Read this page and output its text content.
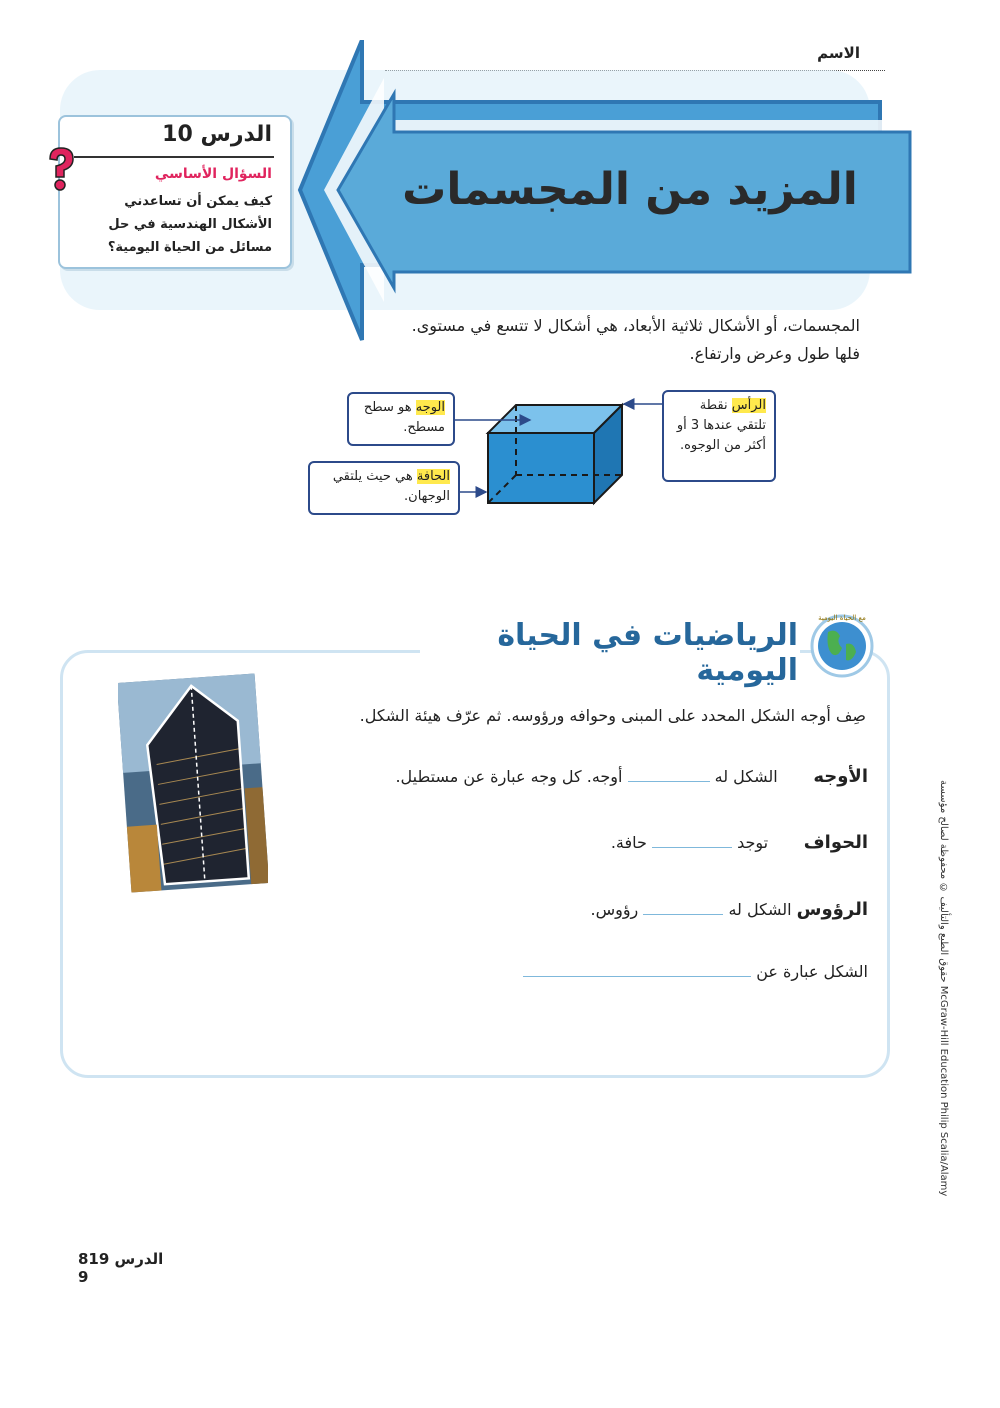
الاسم
المزيد من المجسمات
الدرس 10
السؤال الأساسي
كيف يمكن أن تساعدني الأشكال الهندسية في حل مسائل من الحياة اليومية؟
المجسمات، أو الأشكال ثلاثية الأبعاد، هي أشكال لا تتسع في مستوى. فلها طول وعرض وارتفاع.
الوجه هو سطح مسطح.
الحافة هي حيث يلتقي الوجهان.
الرأس نقطة تلتقي عندها 3 أو أكثر من الوجوه.
الرياضيات في الحياة اليومية
مع الحياة اليومية
صِف أوجه الشكل المحدد على المبنى وحوافه ورؤوسه. ثم عرّف هيئة الشكل.
الأوجه       الشكل له  أوجه. كل وجه عبارة عن مستطيل.
الحواف       توجد  حافة.
الرؤوس الشكل له  رؤوس.
الشكل عبارة عن	حقوق الطبع والتأليف © محفوظة لصالح مؤسسة McGraw-Hill Education Philip Scalia/Alamy
819 الدرس 9
